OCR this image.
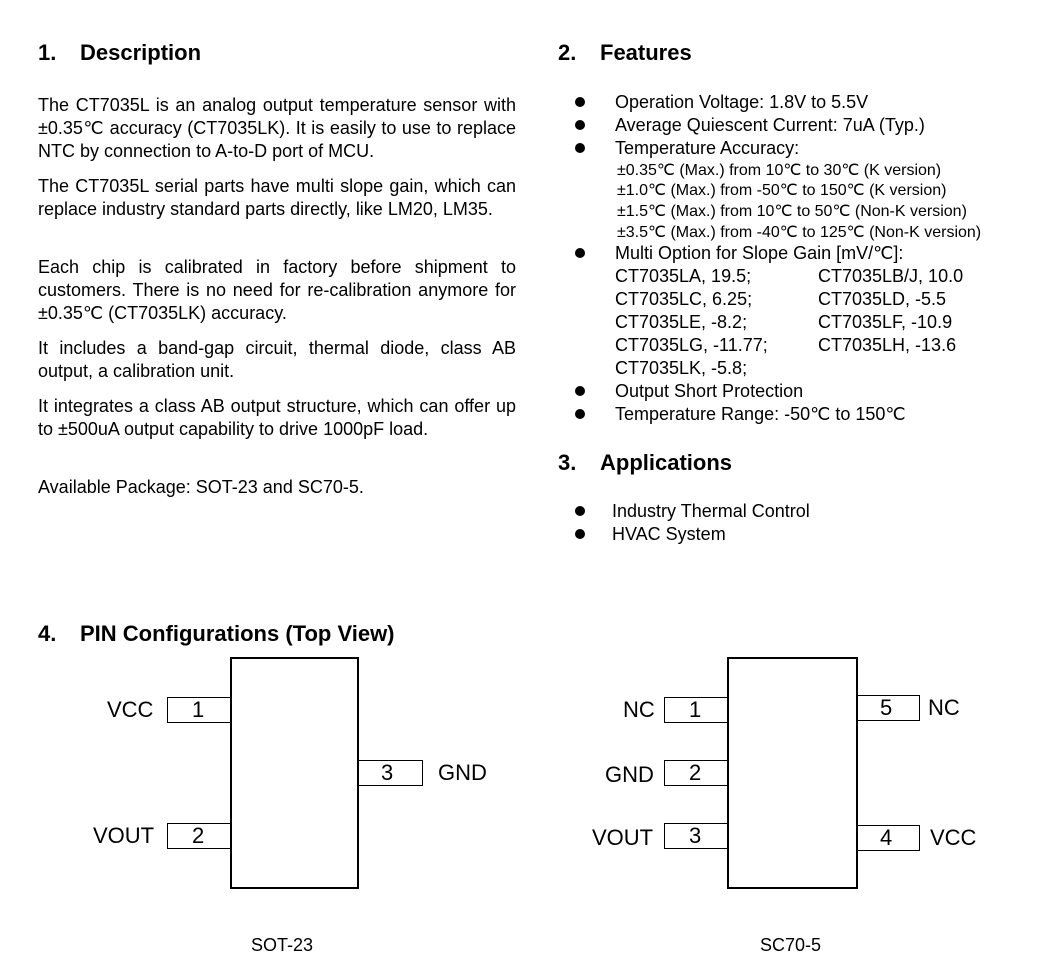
1. Description	2. Features
3. Applications
4. PIN Configurations (Top View)

The CT7035L is an analog output temperature sensor with ±0.35℃ accuracy (CT7035LK). It is easily to use to replace NTC by connection to A-to-D port of MCU.

The CT7035L serial parts have multi slope gain, which can replace industry standard parts directly, like LM20, LM35.

Each chip is calibrated in factory before shipment to customers. There is no need for re-calibration anymore for ±0.35℃ (CT7035LK) accuracy.

It includes a band-gap circuit, thermal diode, class AB output, a calibration unit.

It integrates a class AB output structure, which can offer up to ±500uA output capability to drive 1000pF load.

Available Package: SOT-23 and SC70-5.

Operation Voltage: 1.8V to 5.5V
Average Quiescent Current: 7uA (Typ.)
Temperature Accuracy:
±0.35℃ (Max.) from 10℃ to 30℃ (K version)
±1.0℃ (Max.) from -50℃ to 150℃ (K version)
±1.5℃ (Max.) from 10℃ to 50℃ (Non-K version)
±3.5℃ (Max.) from -40℃ to 125℃ (Non-K version)
Multi Option for Slope Gain [mV/℃]:
CT7035LA, 19.5;	CT7035LB/J, 10.0
CT7035LC, 6.25;	CT7035LD, -5.5
CT7035LE, -8.2;	CT7035LF, -10.9
CT7035LG, -11.77;	CT7035LH, -13.6
CT7035LK, -5.8;
Output Short Protection
Temperature Range: -50℃ to 150℃
Industry Thermal Control
HVAC System
VCC	1
VOUT	2
3	GND
SOT-23
NC	1
GND	2
VOUT	3	4	VCC
5	NC
SC70-5
